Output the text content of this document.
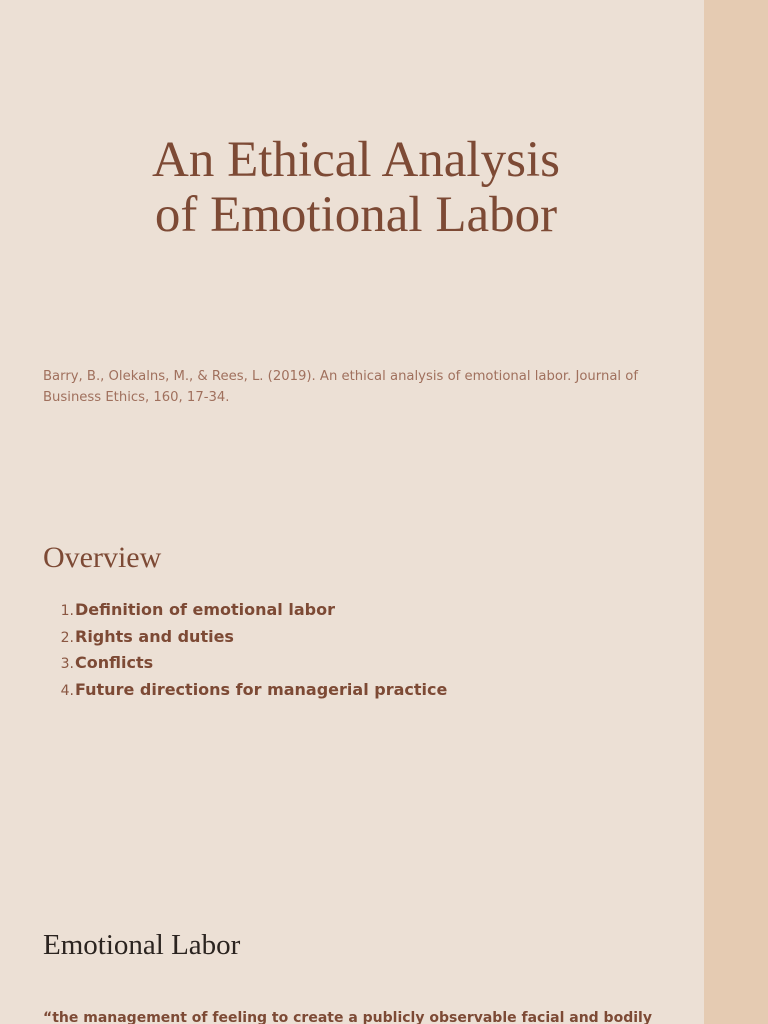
An Ethical Analysis
of Emotional Labor

Barry, B., Olekalns, M., & Rees, L. (2019). An ethical analysis of emotional labor. Journal of Business Ethics, 160, 17-34.

Overview
1. Definition of emotional labor
2. Rights and duties
3. Conflicts
4. Future directions for managerial practice
Emotional Labor

“the management of feeling to create a publicly observable facial and bodily
